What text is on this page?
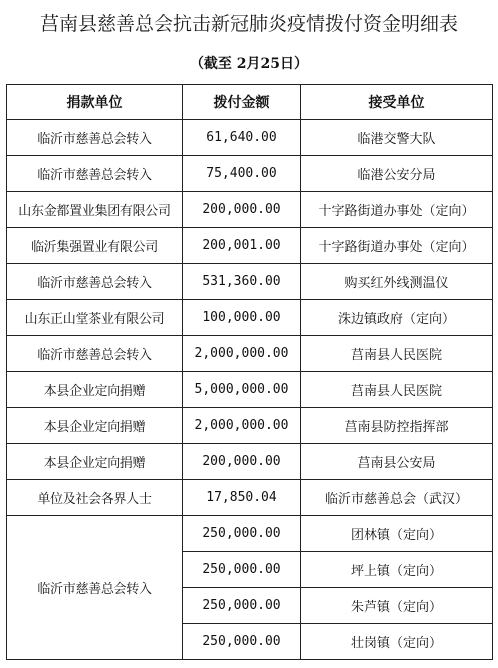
莒南县慈善总会抗击新冠肺炎疫情拨付资金明细表
（截至 2月25日）
捐款单位	拨付金额	接受单位
临沂市慈善总会转入	61,640.00	临港交警大队
临沂市慈善总会转入	75,400.00	临港公安分局
山东金都置业集团有限公司	200,000.00	十字路街道办事处（定向）
临沂集强置业有限公司	200,001.00	十字路街道办事处（定向）
临沂市慈善总会转入	531,360.00	购买红外线测温仪
山东正山堂茶业有限公司	100,000.00	洙边镇政府（定向）
临沂市慈善总会转入	2,000,000.00	莒南县人民医院
本县企业定向捐赠	5,000,000.00	莒南县人民医院
本县企业定向捐赠	2,000,000.00	莒南县防控指挥部
本县企业定向捐赠	200,000.00	莒南县公安局
单位及社会各界人士	17,850.04	临沂市慈善总会（武汉）
临沂市慈善总会转入	250,000.00	团林镇（定向）
	250,000.00	坪上镇（定向）
	250,000.00	朱芦镇（定向）
	250,000.00	壮岗镇（定向）
